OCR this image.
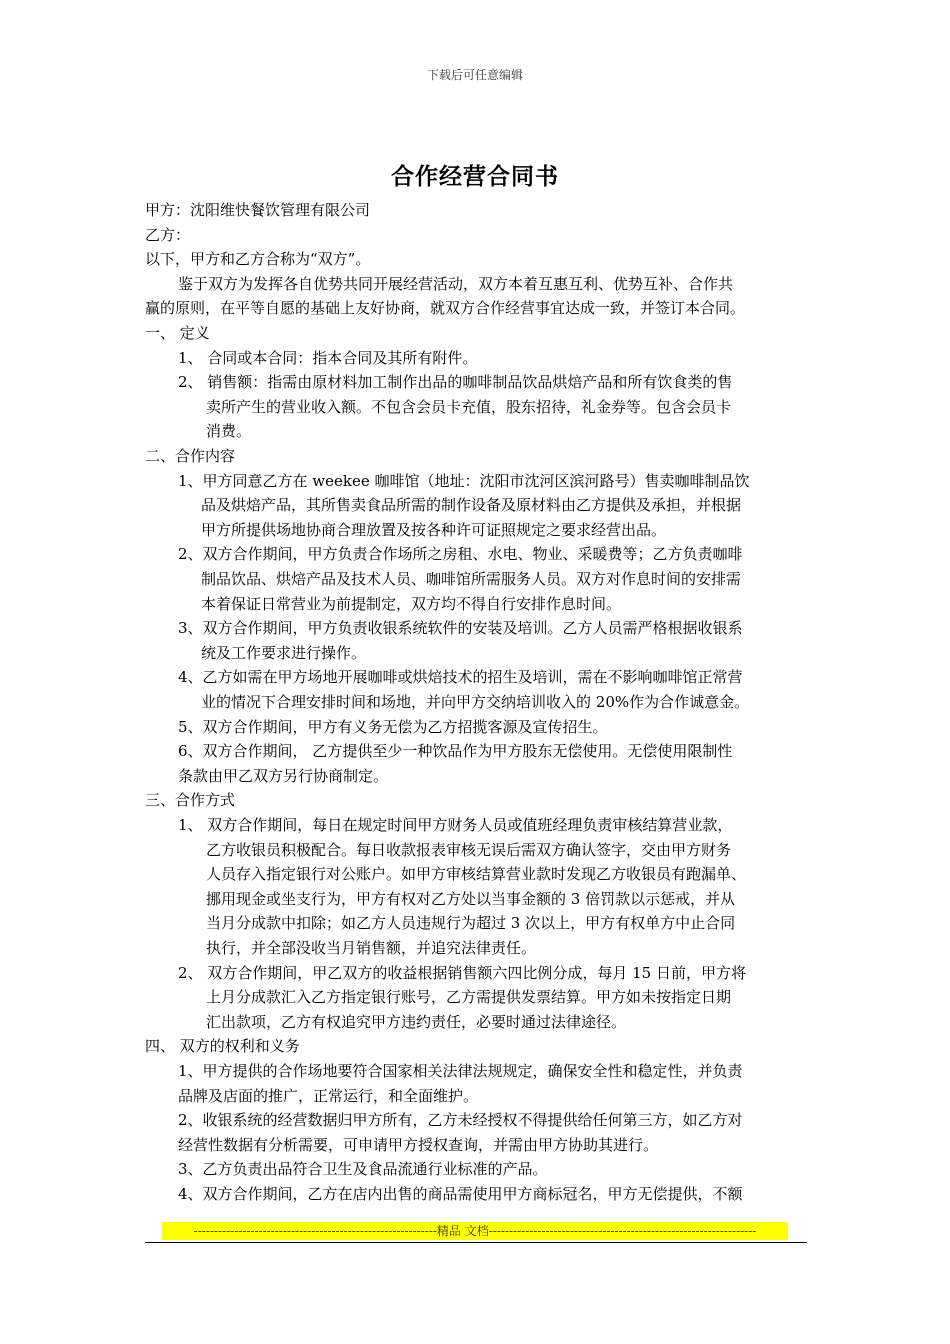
下载后可任意编辑
合作经营合同书
甲方：沈阳维快餐饮管理有限公司
乙方：
以下，甲方和乙方合称为“双方”。
鉴于双方为发挥各自优势共同开展经营活动，双方本着互惠互利、优势互补、合作共
赢的原则，在平等自愿的基础上友好协商，就双方合作经营事宜达成一致，并签订本合同。
一、 定义
1、 合同或本合同：指本合同及其所有附件。
2、 销售额：指需由原材料加工制作出品的咖啡制品饮品烘焙产品和所有饮食类的售
卖所产生的营业收入额。不包含会员卡充值，股东招待，礼金券等。包含会员卡
消费。
二、合作内容
1、甲方同意乙方在 weekee 咖啡馆（地址：沈阳市沈河区滨河路号）售卖咖啡制品饮
品及烘焙产品，其所售卖食品所需的制作设备及原材料由乙方提供及承担，并根据
甲方所提供场地协商合理放置及按各种许可证照规定之要求经营出品。
2、双方合作期间，甲方负责合作场所之房租、水电、物业、采暖费等；乙方负责咖啡
制品饮品、烘焙产品及技术人员、咖啡馆所需服务人员。双方对作息时间的安排需
本着保证日常营业为前提制定，双方均不得自行安排作息时间。
3、双方合作期间，甲方负责收银系统软件的安装及培训。乙方人员需严格根据收银系
统及工作要求进行操作。
4、乙方如需在甲方场地开展咖啡或烘焙技术的招生及培训，需在不影响咖啡馆正常营
业的情况下合理安排时间和场地，并向甲方交纳培训收入的 20%作为合作诚意金。
5、双方合作期间，甲方有义务无偿为乙方招揽客源及宣传招生。
6、双方合作期间， 乙方提供至少一种饮品作为甲方股东无偿使用。无偿使用限制性
条款由甲乙双方另行协商制定。
三、合作方式
1、 双方合作期间，每日在规定时间甲方财务人员或值班经理负责审核结算营业款，
乙方收银员积极配合。每日收款报表审核无误后需双方确认签字，交由甲方财务
人员存入指定银行对公账户。如甲方审核结算营业款时发现乙方收银员有跑漏单、
挪用现金或坐支行为，甲方有权对乙方处以当事金额的 3 倍罚款以示惩戒，并从
当月分成款中扣除；如乙方人员违规行为超过 3 次以上，甲方有权单方中止合同
执行，并全部没收当月销售额，并追究法律责任。
2、 双方合作期间，甲乙双方的收益根据销售额六四比例分成，每月 15 日前，甲方将
上月分成款汇入乙方指定银行账号，乙方需提供发票结算。甲方如未按指定日期
汇出款项，乙方有权追究甲方违约责任，必要时通过法律途径。
四、 双方的权利和义务
1、甲方提供的合作场地要符合国家相关法律法规规定，确保安全性和稳定性，并负责
品牌及店面的推广，正常运行，和全面维护。
2、收银系统的经营数据归甲方所有，乙方未经授权不得提供给任何第三方，如乙方对
经营性数据有分析需要，可申请甲方授权查询，并需由甲方协助其进行。
3、乙方负责出品符合卫生及食品流通行业标准的产品。
4、双方合作期间，乙方在店内出售的商品需使用甲方商标冠名，甲方无偿提供，不额
------------------------------------------------------------精品 文档------------------------------------------------------------------
